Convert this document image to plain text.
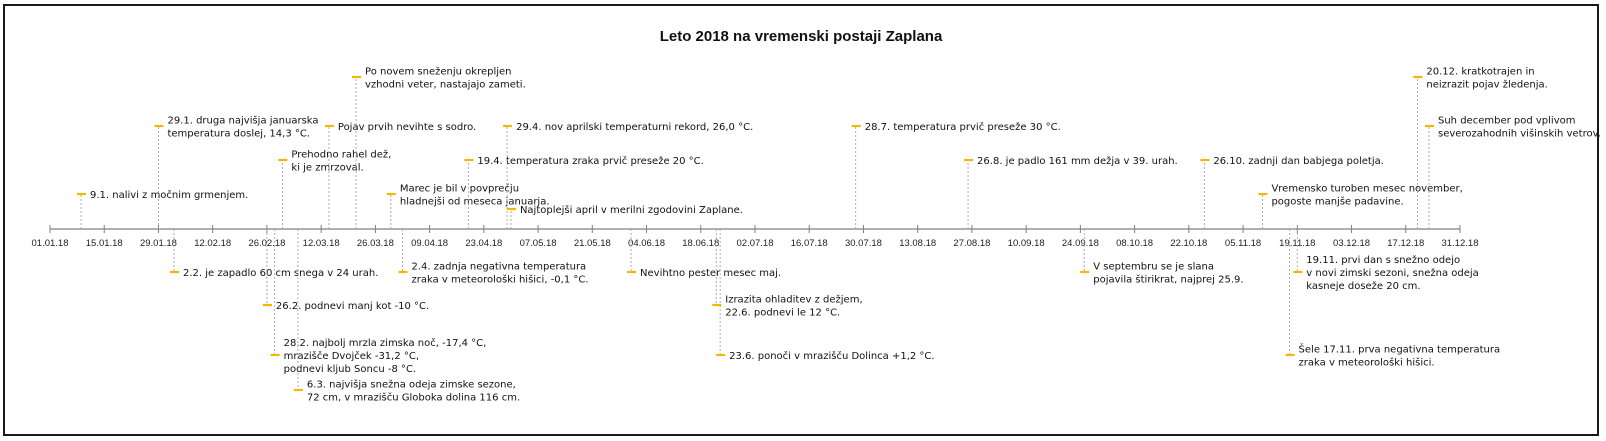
Leto 2018 na vremenski postaji Zaplana
01.01.18 15.01.18 29.01.18 12.02.18 26.02.18 12.03.18 26.03.18 09.04.18 23.04.18 07.05.18 21.05.18 04.06.18 18.06.18 02.07.18 16.07.18 30.07.18 13.08.18 27.08.18 10.09.18 24.09.18 08.10.18 22.10.18 05.11.18 19.11.18 03.12.18 17.12.18 31.12.18
9.1. nalivi z močnim grmenjem.
29.1. druga najvišja januarska temperatura doslej, 14,3 °C.
2.2. je zapadlo 60 cm snega v 24 urah.
26.2. podnevi manj kot -10 °C.
28.2. najbolj mrzla zimska noč, -17,4 °C, mrazišče Dvojček -31,2 °C, podnevi kljub Soncu -8 °C.
Prehodno rahel dež, ki je zmrzoval.
6.3. najvišja snežna odeja zimske sezone, 72 cm, v mrazišču Globoka dolina 116 cm.
Pojav prvih nevihte s sodro.
Po novem sneženju okrepljen vzhodni veter, nastajajo zameti.
Marec je bil v povprečju hladnejši od meseca januarja.
2.4. zadnja negativna temperatura zraka v meteorološki hišici, -0,1 °C.
19.4. temperatura zraka prvič preseže 20 °C.
29.4. nov aprilski temperaturni rekord, 26,0 °C.
Najtoplejši april v merilni zgodovini Zaplane.
Nevihtno pester mesec maj.
Izrazita ohladitev z dežjem, 22.6. podnevi le 12 °C.
23.6. ponoči v mrazišču Dolinca +1,2 °C.
28.7. temperatura prvič preseže 30 °C.
26.8. je padlo 161 mm dežja v 39. urah.
V septembru se je slana pojavila štirikrat, najprej 25.9.
26.10. zadnji dan babjega poletja.
Vremensko turoben mesec november, pogoste manjše padavine.
Šele 17.11. prva negativna temperatura zraka v meteorološki hišici.
19.11. prvi dan s snežno odejo v novi zimski sezoni, snežna odeja kasneje doseže 20 cm.
20.12. kratkotrajen in neizrazit pojav žledenja.
Suh december pod vplivom severozahodnih višinskih vetrov.
